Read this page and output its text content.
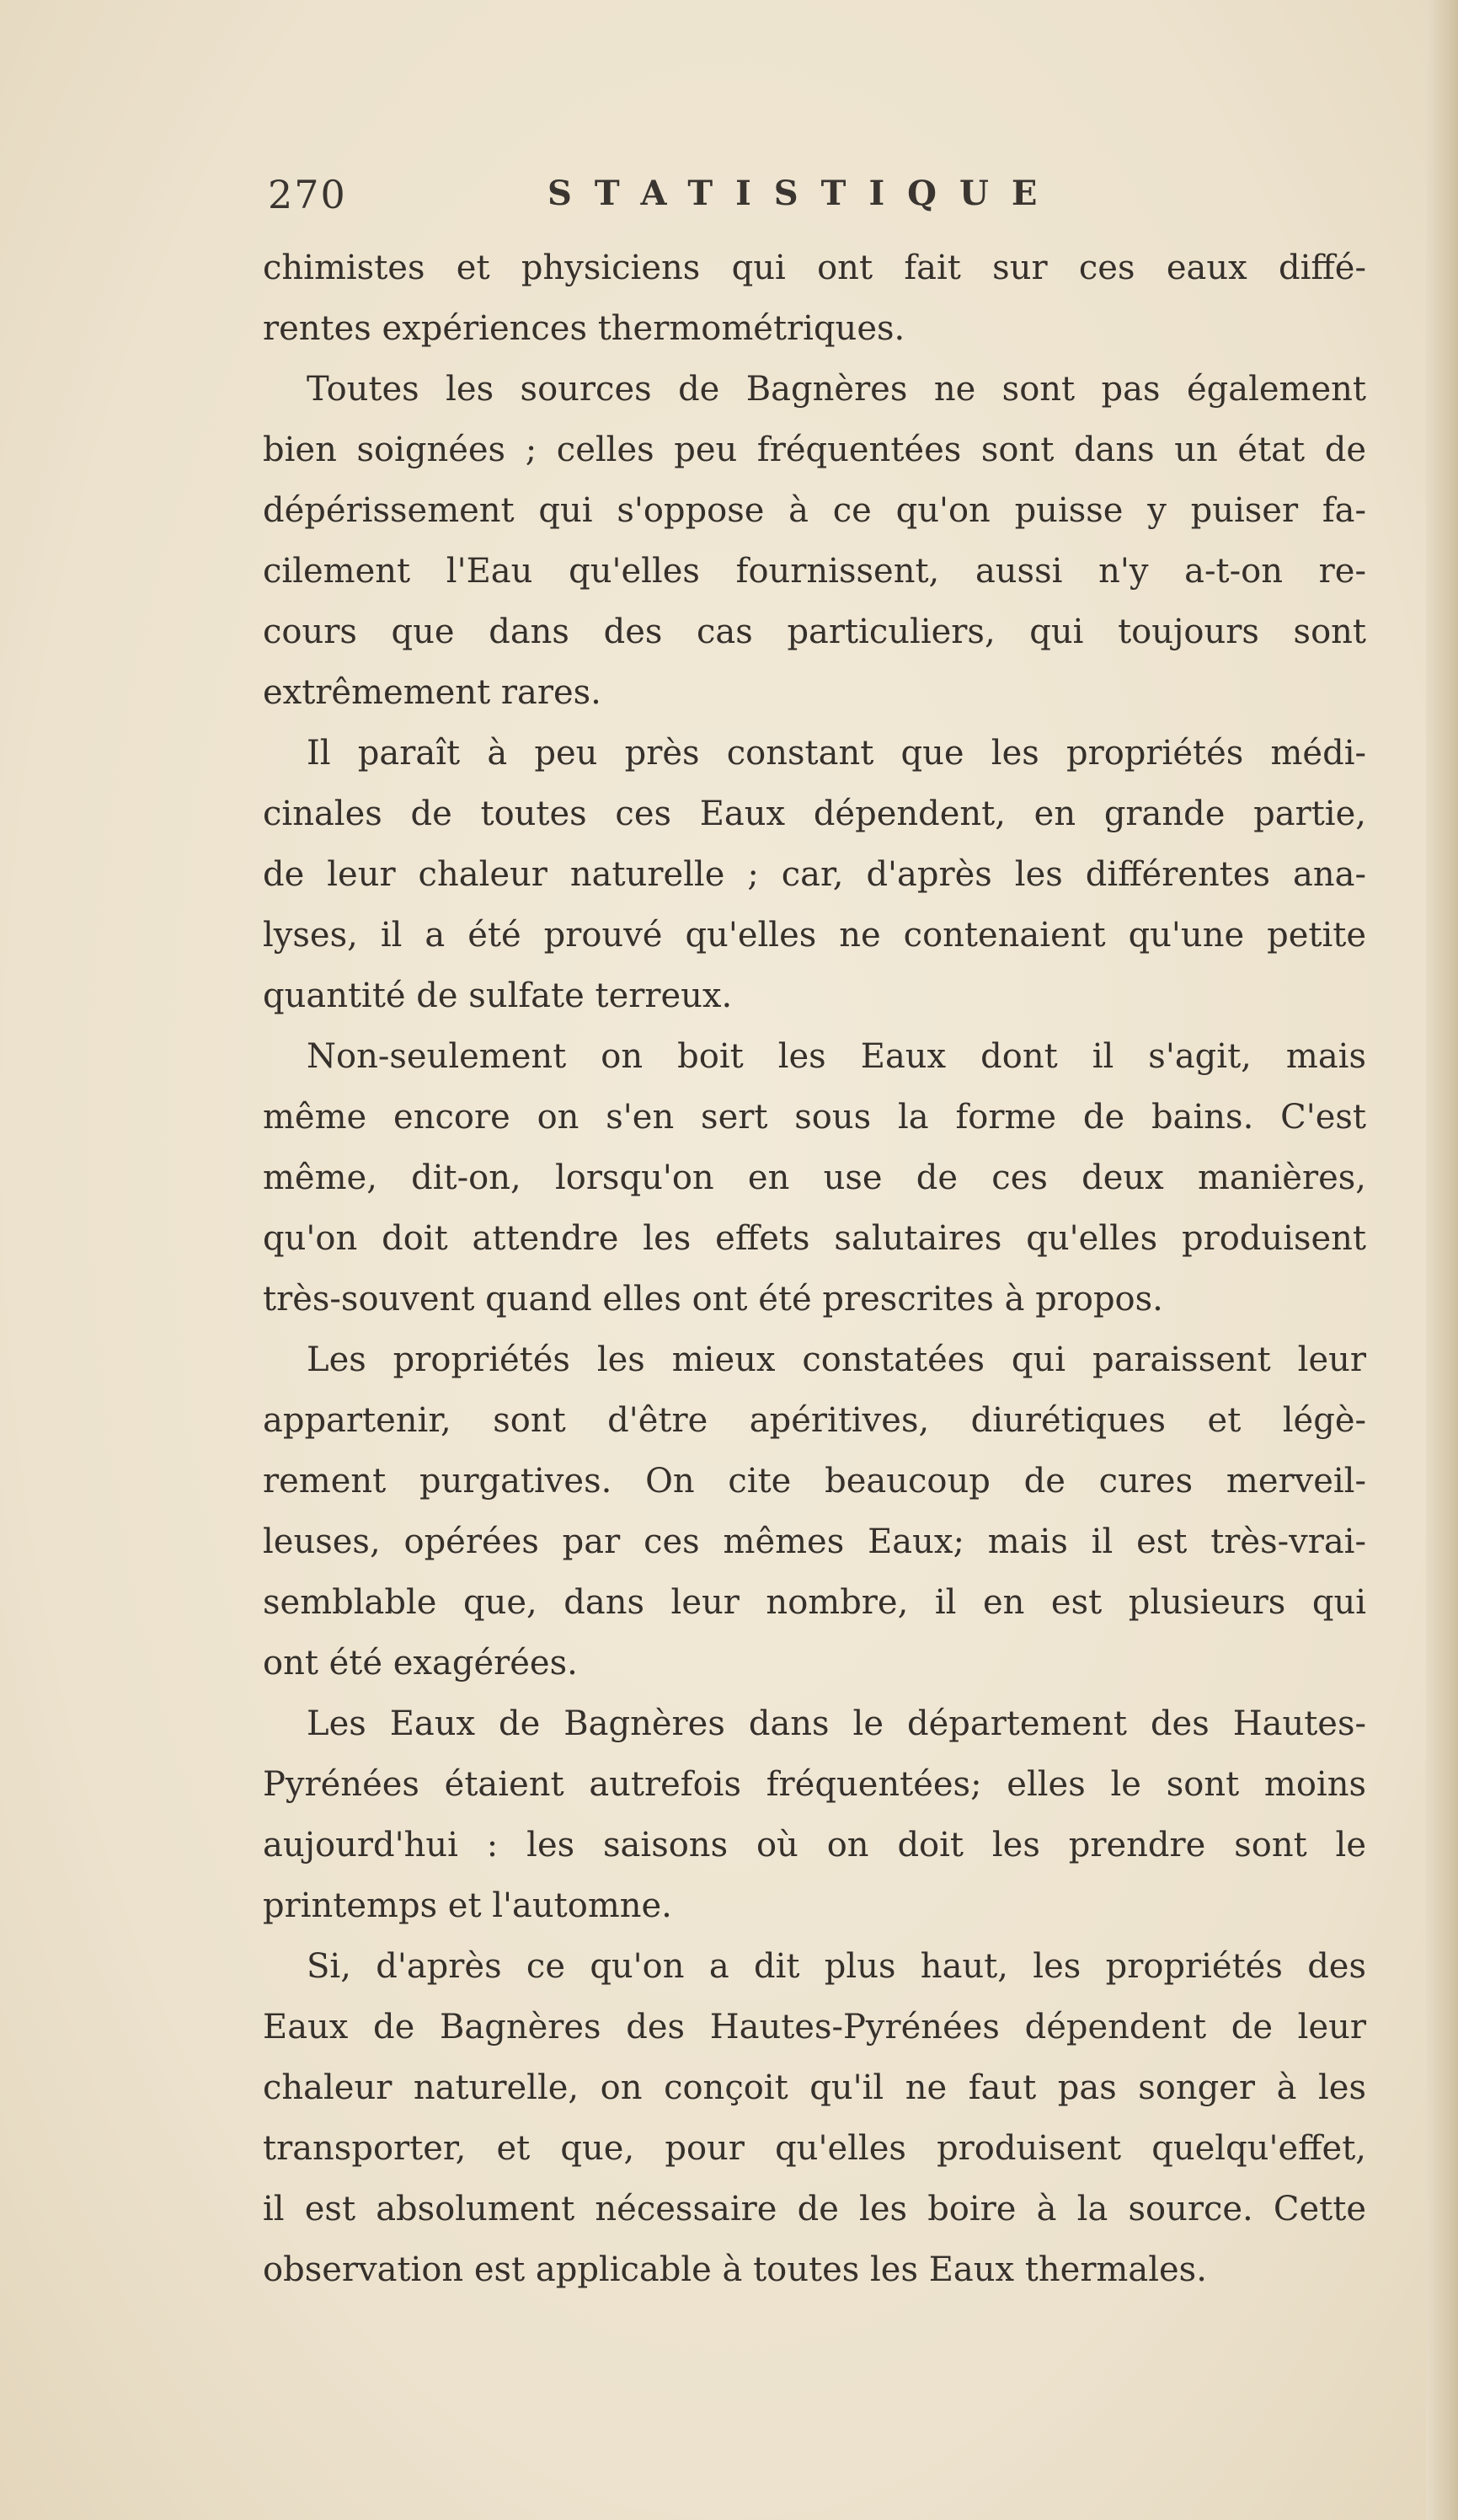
270	STATISTIQUE
chimistes et physiciens qui ont fait sur ces eaux diffé-
rentes expériences thermométriques.
Toutes les sources de Bagnères ne sont pas également
bien soignées ; celles peu fréquentées sont dans un état de
dépérissement qui s'oppose à ce qu'on puisse y puiser fa-
cilement l'Eau qu'elles fournissent, aussi n'y a-t-on re-
cours que dans des cas particuliers, qui toujours sont
extrêmement rares.
Il paraît à peu près constant que les propriétés médi-
cinales de toutes ces Eaux dépendent, en grande partie,
de leur chaleur naturelle ; car, d'après les différentes ana-
lyses, il a été prouvé qu'elles ne contenaient qu'une petite
quantité de sulfate terreux.
Non-seulement on boit les Eaux dont il s'agit, mais
même encore on s'en sert sous la forme de bains. C'est
même, dit-on, lorsqu'on en use de ces deux manières,
qu'on doit attendre les effets salutaires qu'elles produisent
très-souvent quand elles ont été prescrites à propos.
Les propriétés les mieux constatées qui paraissent leur
appartenir, sont d'être apéritives, diurétiques et légè-
rement purgatives. On cite beaucoup de cures merveil-
leuses, opérées par ces mêmes Eaux; mais il est très-vrai-
semblable que, dans leur nombre, il en est plusieurs qui
ont été exagérées.
Les Eaux de Bagnères dans le département des Hautes-
Pyrénées étaient autrefois fréquentées; elles le sont moins
aujourd'hui : les saisons où on doit les prendre sont le
printemps et l'automne.
Si, d'après ce qu'on a dit plus haut, les propriétés des
Eaux de Bagnères des Hautes-Pyrénées dépendent de leur
chaleur naturelle, on conçoit qu'il ne faut pas songer à les
transporter, et que, pour qu'elles produisent quelqu'effet,
il est absolument nécessaire de les boire à la source. Cette
observation est applicable à toutes les Eaux thermales.
